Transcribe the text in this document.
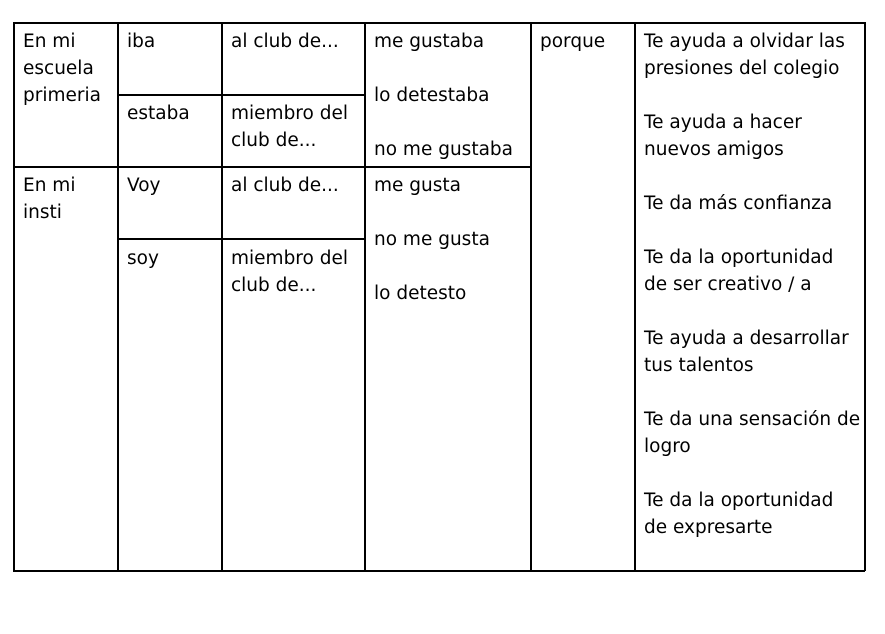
En mi
escuela
primeria
iba
estaba
al club de...
miembro del
club de...
me gustaba
lo detestaba
no me gustaba
En mi
insti
Voy
soy
al club de...
miembro del
club de...
me gusta
no me gusta
lo detesto
porque Te ayuda a olvidar las
presiones del colegio
Te ayuda a hacer
nuevos amigos
Te da más confianza
Te da la oportunidad
de ser creativo / a
Te ayuda a desarrollar
tus talentos
Te da una sensación de
logro
Te da la oportunidad
de expresarte
